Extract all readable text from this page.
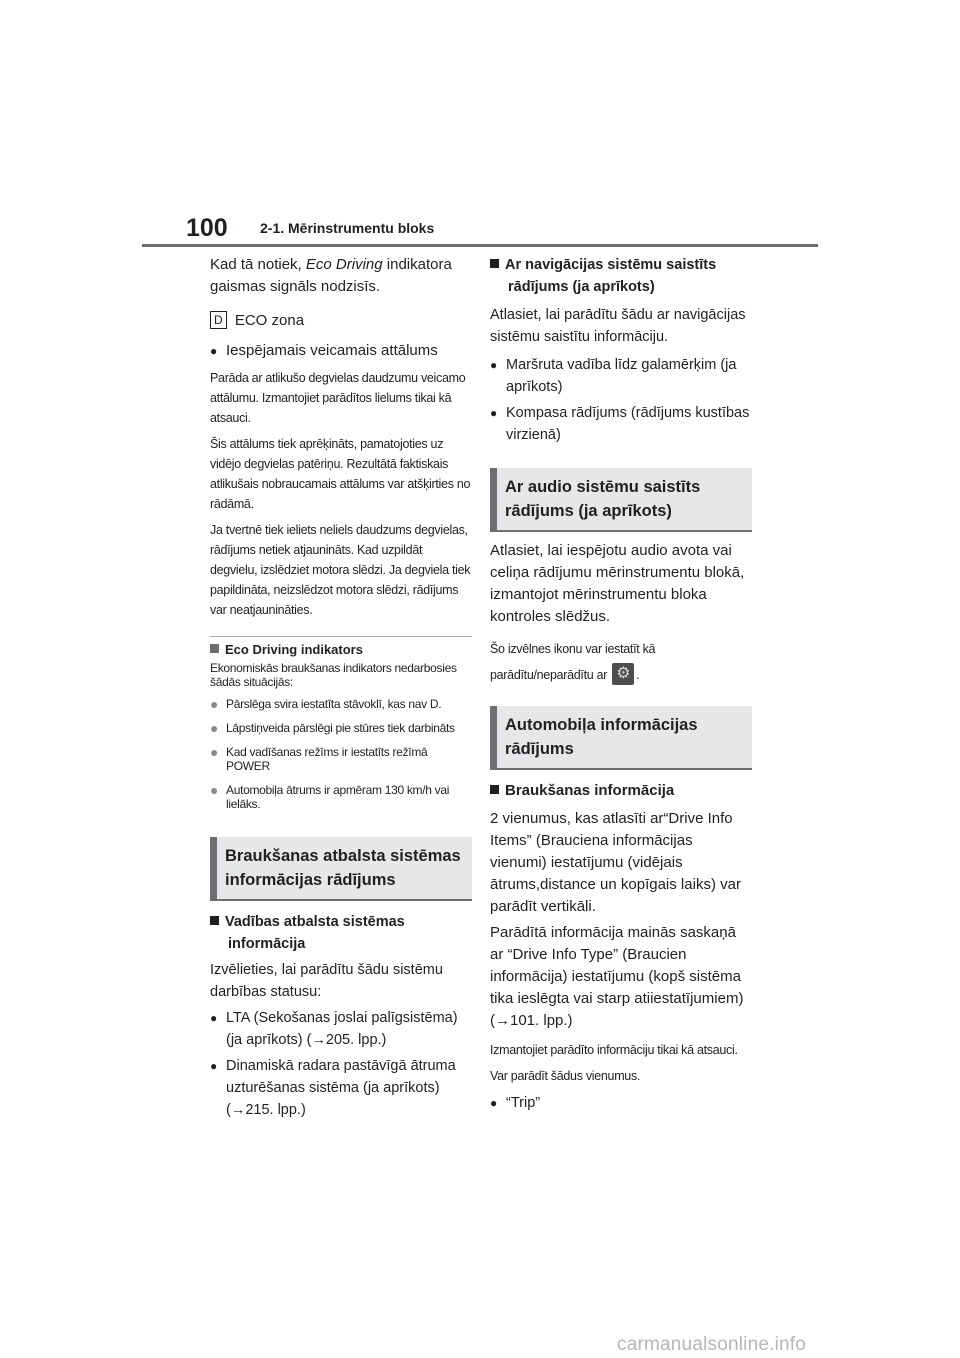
100 2-1. Mērinstrumentu bloks

Kad tā notiek, Eco Driving indikatora gaismas signāls nodzisīs.

D ECO zona

● Iespējamais veicamais attālums

Parāda ar atlikušo degvielas daudzumu veicamo attālumu. Izmantojiet parādītos lielums tikai kā atsauci.

Šis attālums tiek aprēķināts, pamatojoties uz vidējo degvielas patēriņu. Rezultātā faktiskais atlikušais nobraucamais attālums var atšķirties no rādāmā.

Ja tvertnē tiek ieliets neliels daudzums degvielas, rādījums netiek atjaunināts. Kad uzpildāt degvielu, izslēdziet motora slēdzi. Ja degviela tiek papildināta, neizslēdzot motora slēdzi, rādījums var neatjaunināties.

Eco Driving indikators

Ekonomiskās braukšanas indikators nedarbosies šādās situācijās:

● Pārslēga svira iestatīta stāvoklī, kas nav D.
● Lāpstiņveida pārslēgi pie stūres tiek darbināts
● Kad vadīšanas režīms ir iestatīts režīmā POWER
● Automobiļa ātrums ir apmēram 130 km/h vai lielāks.
Braukšanas atbalsta sistēmas informācijas rādījums

Vadības atbalsta sistēmas informācija

Izvēlieties, lai parādītu šādu sistēmu darbības statusu:

● LTA (Sekošanas joslai palīgsistēma) (ja aprīkots) (→205. lpp.)
● Dinamiskā radara pastāvīgā ātruma uzturēšanas sistēma (ja aprīkots) (→215. lpp.)

Ar navigācijas sistēmu saistīts rādījums (ja aprīkots)

Atlasiet, lai parādītu šādu ar navigācijas sistēmu saistītu informāciju.

● Maršruta vadība līdz galamērķim (ja aprīkots)
● Kompasa rādījums (rādījums kustības virzienā)
Ar audio sistēmu saistīts rādījums (ja aprīkots)

Atlasiet, lai iespējotu audio avota vai celiņa rādījumu mērinstrumentu blokā, izmantojot mērinstrumentu bloka kontroles slēdžus.

Šo izvēlnes ikonu var iestatīt kā parādītu/neparādītu ar ⚙ .

Automobiļa informācijas rādījums

Braukšanas informācija

2 vienumus, kas atlasīti ar“Drive Info Items” (Brauciena informācijas vienumi) iestatījumu (vidējais ātrums,distance un kopīgais laiks) var parādīt vertikāli.

Parādītā informācija mainās saskaņā ar “Drive Info Type” (Braucien informācija) iestatījumu (kopš sistēma tika ieslēgta vai starp atiiestatījumiem) (→101. lpp.)

Izmantojiet parādīto informāciju tikai kā atsauci.

Var parādīt šādus vienumus.

● “Trip”
carmanualsonline.info
